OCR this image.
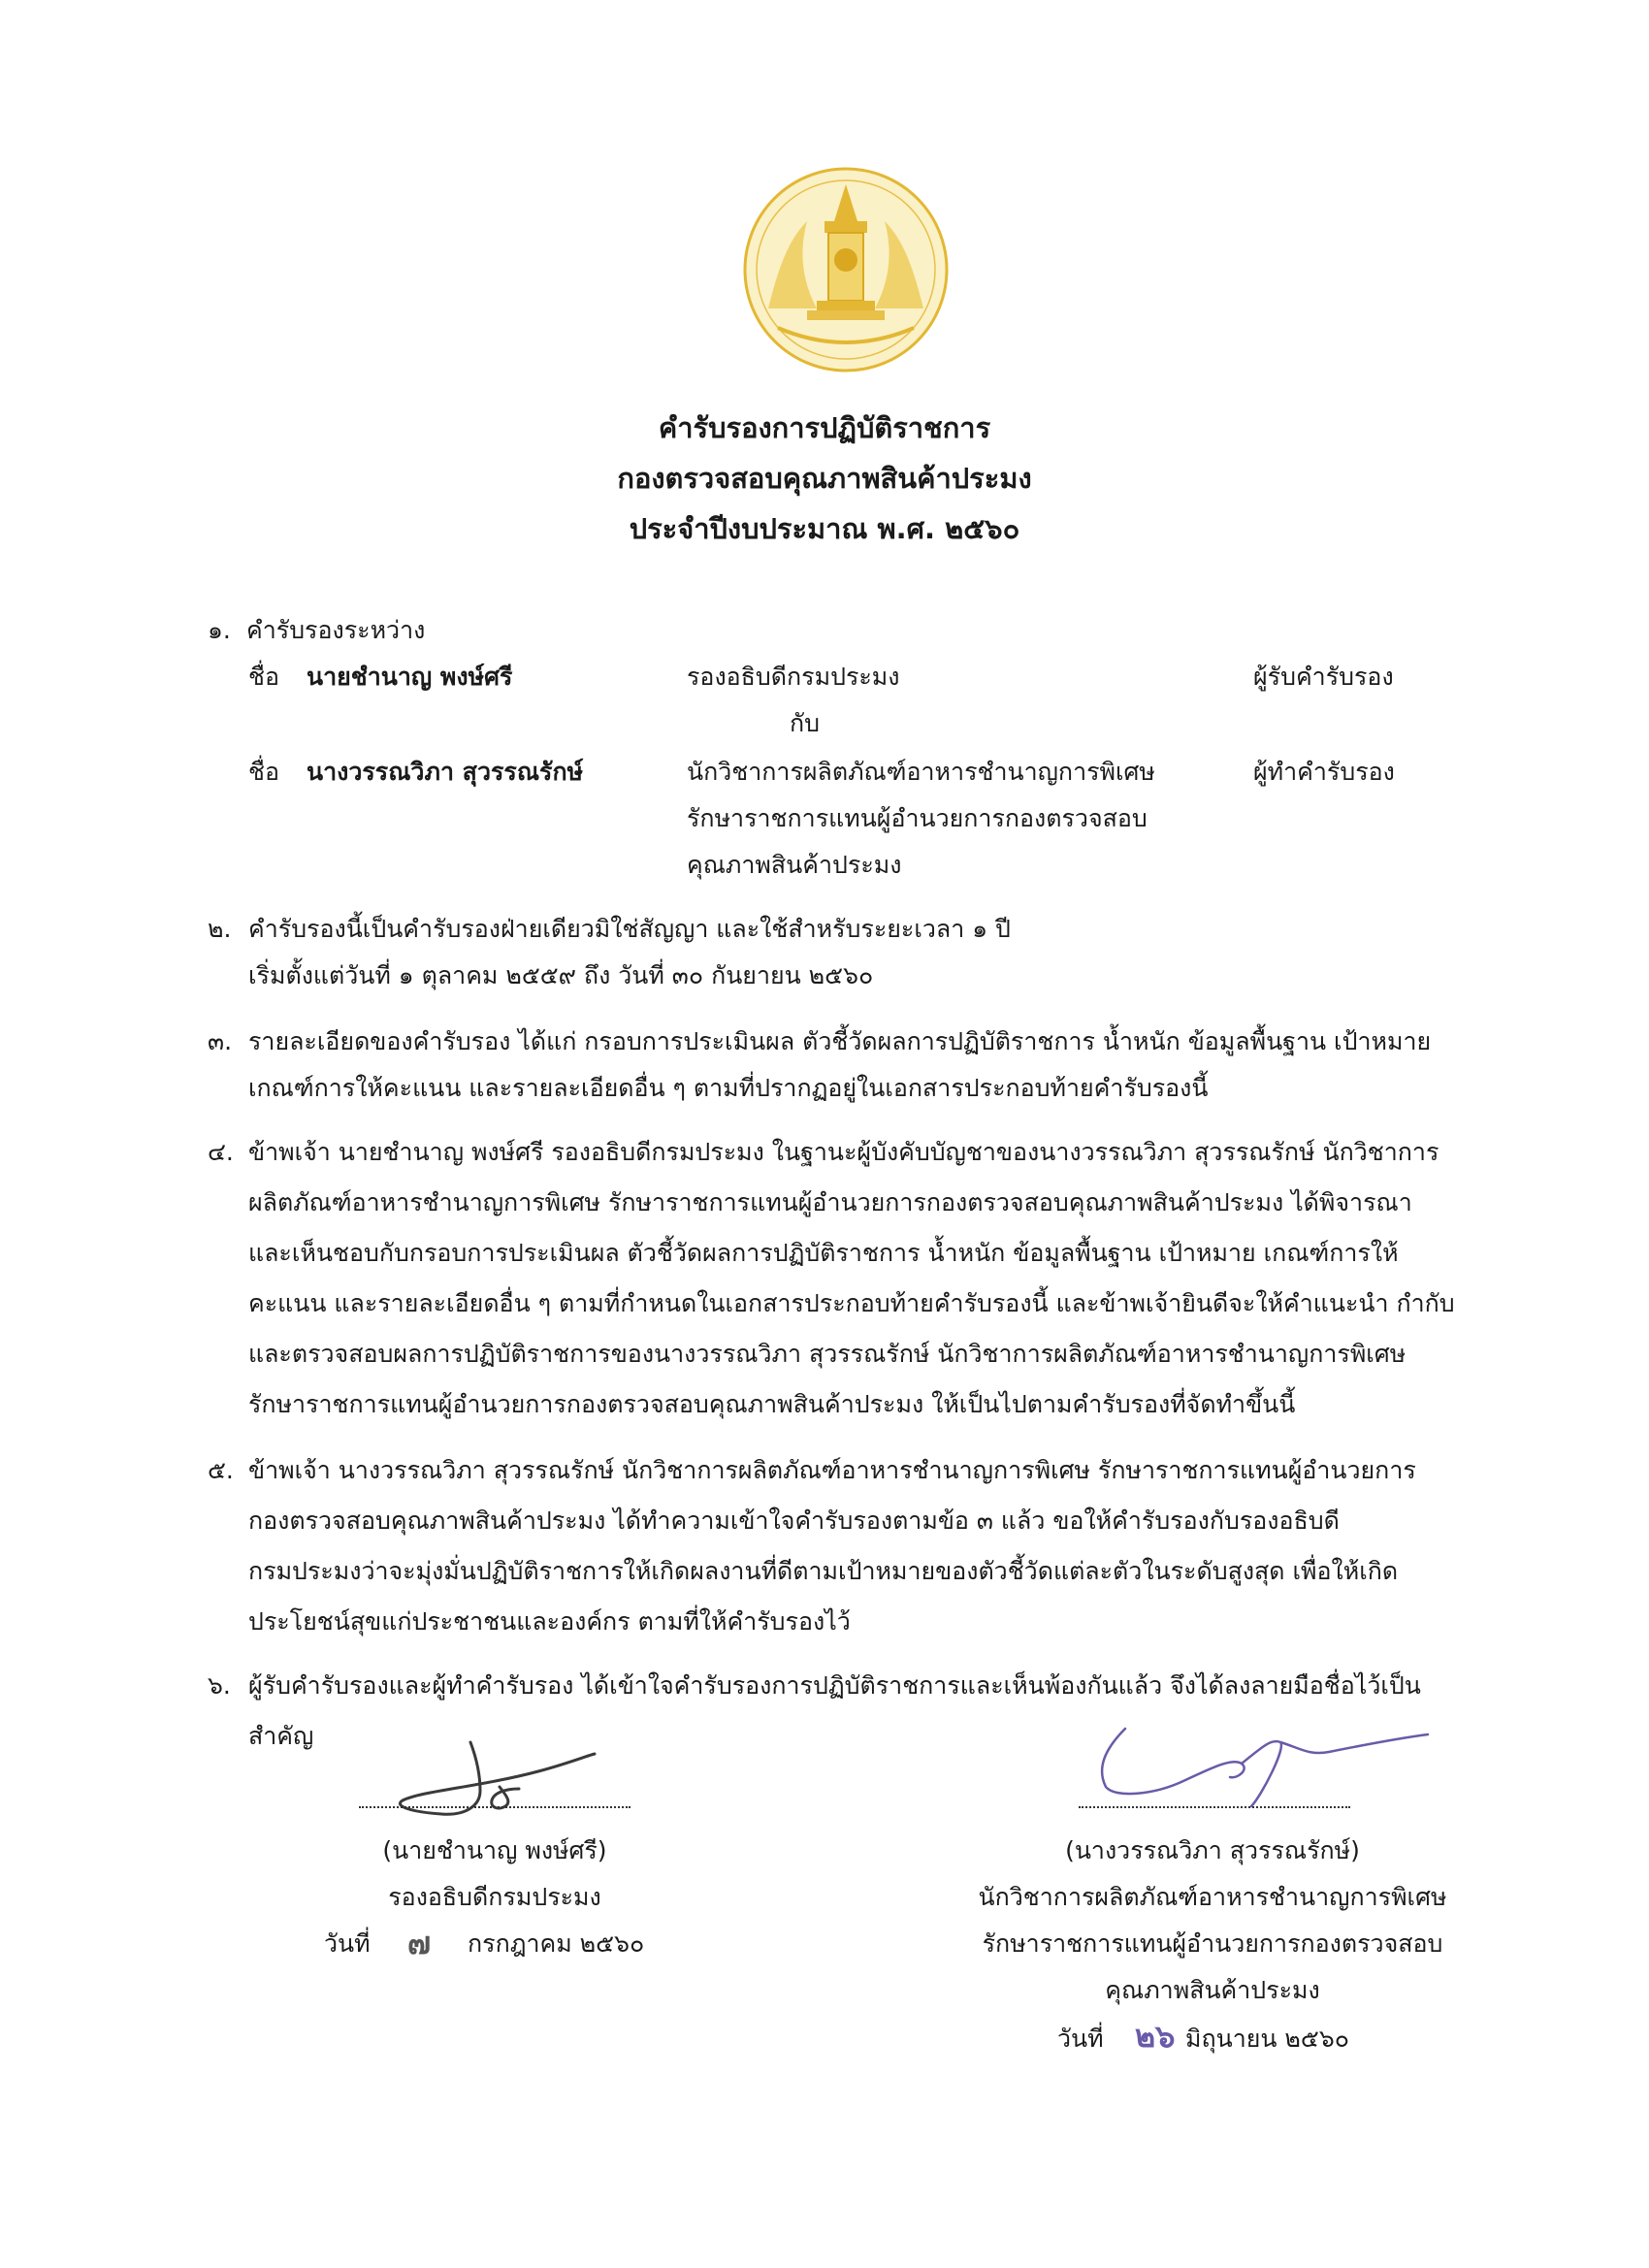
คำรับรองการปฏิบัติราชการ
กองตรวจสอบคุณภาพสินค้าประมง
ประจำปีงบประมาณ พ.ศ. ๒๕๖๐
๑. คำรับรองระหว่าง
ชื่อ นายชำนาญ พงษ์ศรี	รองอธิบดีกรมประมง	ผู้รับคำรับรอง
กับ
ชื่อ นางวรรณวิภา สุวรรณรักษ์	นักวิชาการผลิตภัณฑ์อาหารชำนาญการพิเศษ	ผู้ทำคำรับรอง
รักษาราชการแทนผู้อำนวยการกองตรวจสอบ
คุณภาพสินค้าประมง
๒. คำรับรองนี้เป็นคำรับรองฝ่ายเดียวมิใช่สัญญา และใช้สำหรับระยะเวลา ๑ ปี
เริ่มตั้งแต่วันที่ ๑ ตุลาคม ๒๕๕๙ ถึง วันที่ ๓๐ กันยายน ๒๕๖๐
๓. รายละเอียดของคำรับรอง ได้แก่ กรอบการประเมินผล ตัวชี้วัดผลการปฏิบัติราชการ น้ำหนัก ข้อมูลพื้นฐาน เป้าหมาย
เกณฑ์การให้คะแนน และรายละเอียดอื่น ๆ ตามที่ปรากฏอยู่ในเอกสารประกอบท้ายคำรับรองนี้
๔. ข้าพเจ้า นายชำนาญ พงษ์ศรี รองอธิบดีกรมประมง ในฐานะผู้บังคับบัญชาของนางวรรณวิภา สุวรรณรักษ์ นักวิชาการ
ผลิตภัณฑ์อาหารชำนาญการพิเศษ รักษาราชการแทนผู้อำนวยการกองตรวจสอบคุณภาพสินค้าประมง ได้พิจารณา
และเห็นชอบกับกรอบการประเมินผล ตัวชี้วัดผลการปฏิบัติราชการ น้ำหนัก ข้อมูลพื้นฐาน เป้าหมาย เกณฑ์การให้
คะแนน และรายละเอียดอื่น ๆ ตามที่กำหนดในเอกสารประกอบท้ายคำรับรองนี้ และข้าพเจ้ายินดีจะให้คำแนะนำ กำกับ
และตรวจสอบผลการปฏิบัติราชการของนางวรรณวิภา สุวรรณรักษ์ นักวิชาการผลิตภัณฑ์อาหารชำนาญการพิเศษ
รักษาราชการแทนผู้อำนวยการกองตรวจสอบคุณภาพสินค้าประมง ให้เป็นไปตามคำรับรองที่จัดทำขึ้นนี้
๕. ข้าพเจ้า นางวรรณวิภา สุวรรณรักษ์ นักวิชาการผลิตภัณฑ์อาหารชำนาญการพิเศษ รักษาราชการแทนผู้อำนวยการ
กองตรวจสอบคุณภาพสินค้าประมง ได้ทำความเข้าใจคำรับรองตามข้อ ๓ แล้ว ขอให้คำรับรองกับรองอธิบดี
กรมประมงว่าจะมุ่งมั่นปฏิบัติราชการให้เกิดผลงานที่ดีตามเป้าหมายของตัวชี้วัดแต่ละตัวในระดับสูงสุด เพื่อให้เกิด
ประโยชน์สุขแก่ประชาชนและองค์กร ตามที่ให้คำรับรองไว้
๖. ผู้รับคำรับรองและผู้ทำคำรับรอง ได้เข้าใจคำรับรองการปฏิบัติราชการและเห็นพ้องกันแล้ว จึงได้ลงลายมือชื่อไว้เป็น
สำคัญ
(นายชำนาญ พงษ์ศรี)
รองอธิบดีกรมประมง
วันที่ ๗ กรกฎาคม ๒๕๖๐
(นางวรรณวิภา สุวรรณรักษ์)
นักวิชาการผลิตภัณฑ์อาหารชำนาญการพิเศษ
รักษาราชการแทนผู้อำนวยการกองตรวจสอบ
คุณภาพสินค้าประมง
วันที่ ๒๖ มิถุนายน ๒๕๖๐
